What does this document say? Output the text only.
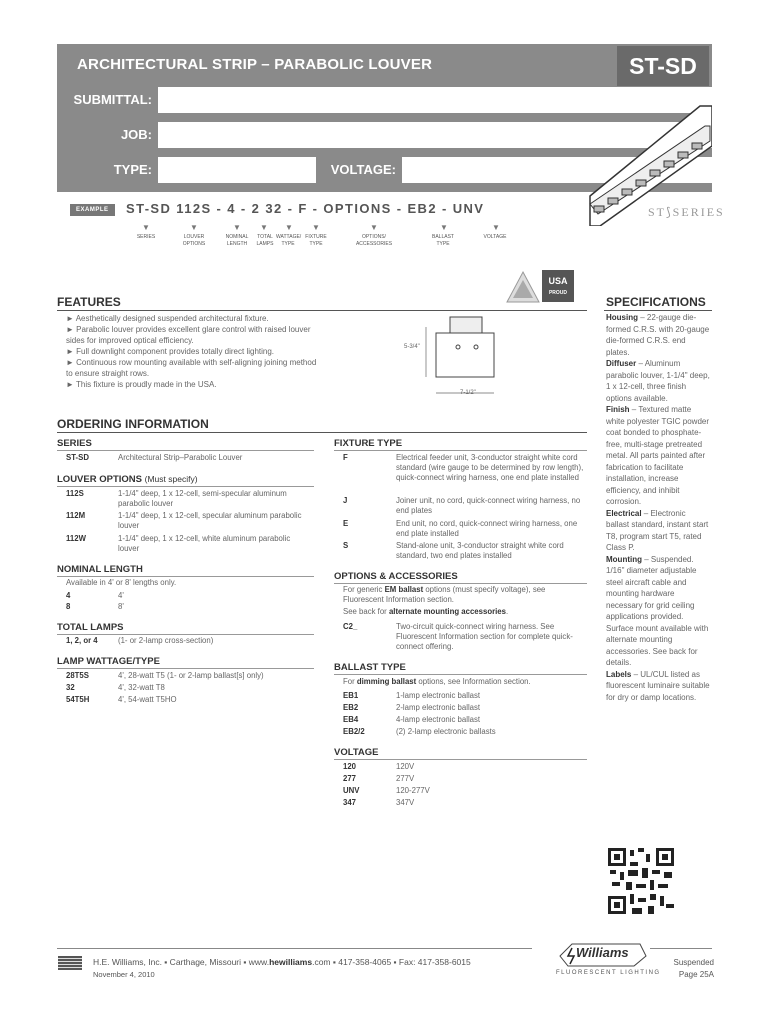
ARCHITECTURAL STRIP – PARABOLIC LOUVER	ST-SD
SUBMITTAL:
JOB:
TYPE:	VOLTAGE:
ST⟆SERIES
EXAMPLE	ST-SD 112S - 4 - 2 32 - F - OPTIONS - EB2 - UNV
▼
SERIES
▼
LOUVER OPTIONS
▼
NOMINAL LENGTH
▼
TOTAL LAMPS
▼
WATTAGE/ TYPE
▼
FIXTURE TYPE
▼
OPTIONS/ ACCESSORIES
▼
BALLAST TYPE
▼
VOLTAGE
USA
PROUD
FEATURES
► Aesthetically designed suspended architectural fixture.
► Parabolic louver provides excellent glare control with raised louver sides for improved optical efficiency.
► Full downlight component provides totally direct lighting.
► Continuous row mounting available with self-aligning joining method to ensure straight rows.
► This fixture is proudly made in the USA.
5-3/4"
7-1/2"
ORDERING INFORMATION
SERIES
ST-SD	Architectural Strip–Parabolic Louver
LOUVER OPTIONS (Must specify)
112S	1-1/4" deep, 1 x 12-cell, semi-specular aluminum parabolic louver
112M	1-1/4" deep, 1 x 12-cell, specular aluminum parabolic louver
112W	1-1/4" deep, 1 x 12-cell, white aluminum parabolic louver
NOMINAL LENGTH
Available in 4' or 8' lengths only.
4	4'
8	8'
TOTAL LAMPS
1, 2, or 4	(1- or 2-lamp cross-section)
LAMP WATTAGE/TYPE
28T5S	4', 28-watt T5 (1- or 2-lamp ballast[s] only)
32	4', 32-watt T8
54T5H	4', 54-watt T5HO
FIXTURE TYPE
F	Electrical feeder unit, 3-conductor straight white cord standard (wire gauge to be determined by row length), quick-connect wiring harness, one end plate installed
J	Joiner unit, no cord, quick-connect wiring harness, no end plates
E	End unit, no cord, quick-connect wiring harness, one end plate installed
S	Stand-alone unit, 3-conductor straight white cord standard, two end plates installed
OPTIONS & ACCESSORIES
For generic EM ballast options (must specify voltage), see Fluorescent Information section.
See back for alternate mounting accessories.
C2_	Two-circuit quick-connect wiring harness. See Fluorescent Information section for complete quick-connect offering.
BALLAST TYPE
For dimming ballast options, see Information section.
EB1	1-lamp electronic ballast
EB2	2-lamp electronic ballast
EB4	4-lamp electronic ballast
EB2/2	(2) 2-lamp electronic ballasts
VOLTAGE
120	120V
277	277V
UNV	120-277V
347	347V
SPECIFICATIONS
Housing – 22-gauge die-formed C.R.S. with 20-gauge die-formed C.R.S. end plates.
Diffuser – Aluminum parabolic louver, 1-1/4" deep, 1 x 12-cell, three finish options available.
Finish – Textured matte white polyester TGIC powder coat bonded to phosphate-free, multi-stage pretreated metal. All parts painted after fabrication to facilitate installation, increase efficiency, and inhibit corrosion.
Electrical – Electronic ballast standard, instant start T8, program start T5, rated Class P.
Mounting – Suspended. 1/16" diameter adjustable steel aircraft cable and mounting hardware necessary for grid ceiling applications provided. Surface mount available with alternate mounting accessories. See back for details.
Labels – UL/CUL listed as fluorescent luminaire suitable for dry or damp locations.
H.E. Williams, Inc. ▪ Carthage, Missouri ▪ www.hewilliams.com ▪ 417-358-4065 ▪ Fax: 417-358-6015
November 4, 2010
Williams
FLUORESCENT LIGHTING
Suspended
Page 25A
